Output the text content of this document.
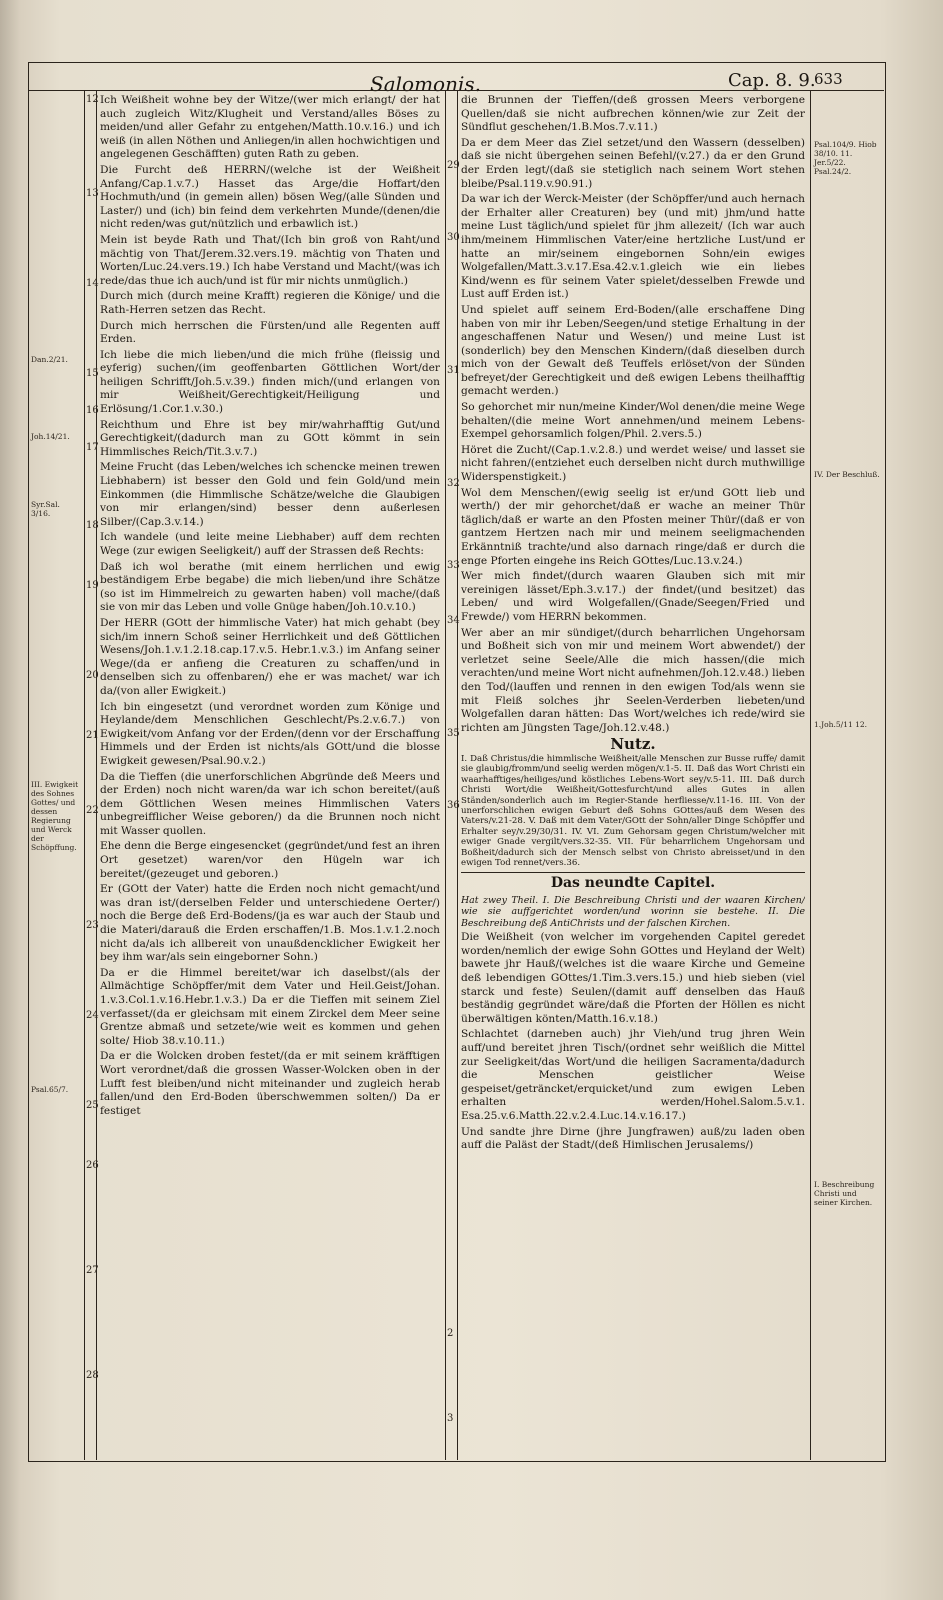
Salomonis.	Cap. 8. 9.
633
12
13
14
15
16
17
18
19
20
21
22
23
24
25
26
27
28
29
30
31
32
33
34
35
36
2
3
Dan.2/21.
Joh.14/21.
Syr.Sal. 3/16.
III. Ewigkeit des Sohnes Gottes/ und dessen Regierung und Werck der Schöpffung.
Psal.65/7.
Psal.104/9. Hiob 38/10. 11. Jer.5/22. Psal.24/2.
IV. Der Beschluß.
1.Joh.5/11 12.
I. Beschreibung Christi und seiner Kirchen.

Ich Weißheit wohne bey der Witze/(wer mich erlangt/ der hat auch zugleich Witz/Klugheit und Verstand/alles Böses zu meiden/und aller Gefahr zu entgehen/Matth.10.v.16.) und ich weiß (in allen Nöthen und Anliegen/in allen hochwichtigen und angelegenen Geschäfften) guten Rath zu geben.

Die Furcht deß HERRN/(welche ist der Weißheit Anfang/Cap.1.v.7.) Hasset das Arge/die Hoffart/den Hochmuth/und (in gemein allen) bösen Weg/(alle Sünden und Laster/) und (ich) bin feind dem verkehrten Munde/(denen/die nicht reden/was gut/nützlich und erbawlich ist.)

Mein ist beyde Rath und That/(Ich bin groß von Raht/und mächtig von That/Jerem.32.vers.19. mächtig von Thaten und Worten/Luc.24.vers.19.) Ich habe Verstand und Macht/(was ich rede/das thue ich auch/und ist für mir nichts unmüglich.)

Durch mich (durch meine Krafft) regieren die Könige/ und die Rath-Herren setzen das Recht.

Durch mich herrschen die Fürsten/und alle Regenten auff Erden.

Ich liebe die mich lieben/und die mich frühe (fleissig und eyferig) suchen/(im geoffenbarten Göttlichen Wort/der heiligen Schrifft/Joh.5.v.39.) finden mich/(und erlangen von mir Weißheit/Gerechtigkeit/Heiligung und Erlösung/1.Cor.1.v.30.)

Reichthum und Ehre ist bey mir/wahrhafftig Gut/und Gerechtigkeit/(dadurch man zu GOtt kömmt in sein Himmlisches Reich/Tit.3.v.7.)

Meine Frucht (das Leben/welches ich schencke meinen trewen Liebhabern) ist besser den Gold und fein Gold/und mein Einkommen (die Himmlische Schätze/welche die Glaubigen von mir erlangen/sind) besser denn außerlesen Silber/(Cap.3.v.14.)

Ich wandele (und leite meine Liebhaber) auff dem rechten Wege (zur ewigen Seeligkeit/) auff der Strassen deß Rechts:

Daß ich wol berathe (mit einem herrlichen und ewig beständigem Erbe begabe) die mich lieben/und ihre Schätze (so ist im Himmelreich zu gewarten haben) voll mache/(daß sie von mir das Leben und volle Gnüge haben/Joh.10.v.10.)

Der HERR (GOtt der himmlische Vater) hat mich gehabt (bey sich/im innern Schoß seiner Herrlichkeit und deß Göttlichen Wesens/Joh.1.v.1.2.18.cap.17.v.5. Hebr.1.v.3.) im Anfang seiner Wege/(da er anfieng die Creaturen zu schaffen/und in denselben sich zu offenbaren/) ehe er was machet/ war ich da/(von aller Ewigkeit.)

Ich bin eingesetzt (und verordnet worden zum Könige und Heylande/dem Menschlichen Geschlecht/Ps.2.v.6.7.) von Ewigkeit/vom Anfang vor der Erden/(denn vor der Erschaffung Himmels und der Erden ist nichts/als GOtt/und die blosse Ewigkeit gewesen/Psal.90.v.2.)

Da die Tieffen (die unerforschlichen Abgründe deß Meers und der Erden) noch nicht waren/da war ich schon bereitet/(auß dem Göttlichen Wesen meines Himmlischen Vaters unbegreifflicher Weise geboren/) da die Brunnen noch nicht mit Wasser quollen.

Ehe denn die Berge eingesencket (gegründet/und fest an ihren Ort gesetzet) waren/vor den Hügeln war ich bereitet/(gezeuget und geboren.)

Er (GOtt der Vater) hatte die Erden noch nicht gemacht/und was dran ist/(derselben Felder und unterschiedene Oerter/) noch die Berge deß Erd-Bodens/(ja es war auch der Staub und die Materi/darauß die Erden erschaffen/1.B. Mos.1.v.1.2.noch nicht da/als ich allbereit von unaußdencklicher Ewigkeit her bey ihm war/als sein eingeborner Sohn.)

Da er die Himmel bereitet/war ich daselbst/(als der Allmächtige Schöpffer/mit dem Vater und Heil.Geist/Johan. 1.v.3.Col.1.v.16.Hebr.1.v.3.) Da er die Tieffen mit seinem Ziel verfasset/(da er gleichsam mit einem Zirckel dem Meer seine Grentze abmaß und setzete/wie weit es kommen und gehen solte/ Hiob 38.v.10.11.)

Da er die Wolcken droben festet/(da er mit seinem kräfftigen Wort verordnet/daß die grossen Wasser-Wolcken oben in der Lufft fest bleiben/und nicht miteinander und zugleich herab fallen/und den Erd-Boden überschwemmen solten/) Da er festiget

die Brunnen der Tieffen/(deß grossen Meers verborgene Quellen/daß sie nicht aufbrechen können/wie zur Zeit der Sündflut geschehen/1.B.Mos.7.v.11.)

Da er dem Meer das Ziel setzet/und den Wassern (desselben) daß sie nicht übergehen seinen Befehl/(v.27.) da er den Grund der Erden legt/(daß sie stetiglich nach seinem Wort stehen bleibe/Psal.119.v.90.91.)

Da war ich der Werck-Meister (der Schöpffer/und auch hernach der Erhalter aller Creaturen) bey (und mit) jhm/und hatte meine Lust täglich/und spielet für jhm allezeit/ (Ich war auch ihm/meinem Himmlischen Vater/eine hertzliche Lust/und er hatte an mir/seinem eingebornen Sohn/ein ewiges Wolgefallen/Matt.3.v.17.Esa.42.v.1.gleich wie ein liebes Kind/wenn es für seinem Vater spielet/desselben Frewde und Lust auff Erden ist.)

Und spielet auff seinem Erd-Boden/(alle erschaffene Ding haben von mir ihr Leben/Seegen/und stetige Erhaltung in der angeschaffenen Natur und Wesen/) und meine Lust ist (sonderlich) bey den Menschen Kindern/(daß dieselben durch mich von der Gewalt deß Teuffels erlöset/von der Sünden befreyet/der Gerechtigkeit und deß ewigen Lebens theilhafftig gemacht werden.)

So gehorchet mir nun/meine Kinder/Wol denen/die meine Wege behalten/(die meine Wort annehmen/und meinem Lebens-Exempel gehorsamlich folgen/Phil. 2.vers.5.)

Höret die Zucht/(Cap.1.v.2.8.) und werdet weise/ und lasset sie nicht fahren/(entziehet euch derselben nicht durch muthwillige Widerspenstigkeit.)

Wol dem Menschen/(ewig seelig ist er/und GOtt lieb und werth/) der mir gehorchet/daß er wache an meiner Thür täglich/daß er warte an den Pfosten meiner Thür/(daß er von gantzem Hertzen nach mir und meinem seeligmachenden Erkänntniß trachte/und also darnach ringe/daß er durch die enge Pforten eingehe ins Reich GOttes/Luc.13.v.24.)

Wer mich findet/(durch waaren Glauben sich mit mir vereinigen lässet/Eph.3.v.17.) der findet/(und besitzet) das Leben/ und wird Wolgefallen/(Gnade/Seegen/Fried und Frewde/) vom HERRN bekommen.

Wer aber an mir sündiget/(durch beharrlichen Ungehorsam und Boßheit sich von mir und meinem Wort abwendet/) der verletzet seine Seele/Alle die mich hassen/(die mich verachten/und meine Wort nicht aufnehmen/Joh.12.v.48.) lieben den Tod/(lauffen und rennen in den ewigen Tod/als wenn sie mit Fleiß solches jhr Seelen-Verderben liebeten/und Wolgefallen daran hätten: Das Wort/welches ich rede/wird sie richten am Jüngsten Tage/Joh.12.v.48.)

Nutz.

I. Daß Christus/die himmlische Weißheit/alle Menschen zur Busse ruffe/ damit sie glaubig/fromm/und seelig werden mögen/v.1-5. II. Daß das Wort Christi ein waarhafftiges/heiliges/und köstliches Lebens-Wort sey/v.5-11. III. Daß durch Christi Wort/die Weißheit/Gottesfurcht/und alles Gutes in allen Ständen/sonderlich auch im Regier-Stande herfliesse/v.11-16. III. Von der unerforschlichen ewigen Geburt deß Sohns GOttes/auß dem Wesen des Vaters/v.21-28. V. Daß mit dem Vater/GOtt der Sohn/aller Dinge Schöpffer und Erhalter sey/v.29/30/31. IV. VI. Zum Gehorsam gegen Christum/welcher mit ewiger Gnade vergilt/vers.32-35. VII. Für beharrlichem Ungehorsam und Boßheit/dadurch sich der Mensch selbst von Christo abreisset/und in den ewigen Tod rennet/vers.36.

Das neundte Capitel.

Hat zwey Theil. I. Die Beschreibung Christi und der waaren Kirchen/ wie sie auffgerichtet worden/und worinn sie bestehe. II. Die Beschreibung deß AntiChrists und der falschen Kirchen.

Die Weißheit (von welcher im vorgehenden Capitel geredet worden/nemlich der ewige Sohn GOttes und Heyland der Welt) bawete jhr Hauß/(welches ist die waare Kirche und Gemeine deß lebendigen GOttes/1.Tim.3.vers.15.) und hieb sieben (viel starck und feste) Seulen/(damit auff denselben das Hauß beständig gegründet wäre/daß die Pforten der Höllen es nicht überwältigen könten/Matth.16.v.18.)

Schlachtet (darneben auch) jhr Vieh/und trug jhren Wein auff/und bereitet jhren Tisch/(ordnet sehr weißlich die Mittel zur Seeligkeit/das Wort/und die heiligen Sacramenta/dadurch die Menschen geistlicher Weise gespeiset/geträncket/erquicket/und zum ewigen Leben erhalten werden/Hohel.Salom.5.v.1. Esa.25.v.6.Matth.22.v.2.4.Luc.14.v.16.17.)

Und sandte jhre Dirne (jhre Jungfrawen) auß/zu laden oben auff die Paläst der Stadt/(deß Himlischen Jerusalems/)
